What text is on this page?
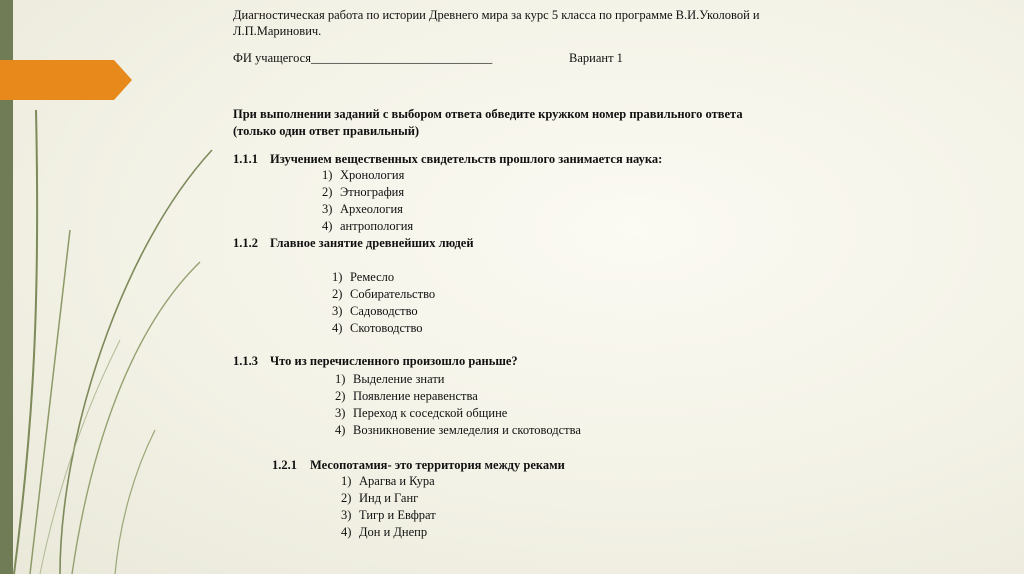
Диагностическая работа по истории Древнего мира за курс 5 класса по программе В.И.Уколовой и
Л.П.Маринович.
ФИ учащегося_____________________________	Вариант 1
При выполнении заданий с выбором ответа обведите кружком номер правильного ответа
(только один ответ правильный)
1.1.1 Изучением вещественных свидетельств прошлого занимается наука:
1) Хронология
2) Этнография
3) Археология
4) антропология
1.1.2 Главное занятие древнейших людей
1) Ремесло
2) Собирательство
3) Садоводство
4) Скотоводство
1.1.3 Что из перечисленного произошло раньше?
1) Выделение знати
2) Появление неравенства
3) Переход к соседской общине
4) Возникновение земледелия и скотоводства
1.2.1 Месопотамия- это территория между реками
1) Арагва и Кура
2) Инд и Ганг
3) Тигр и Евфрат
4) Дон и Днепр
